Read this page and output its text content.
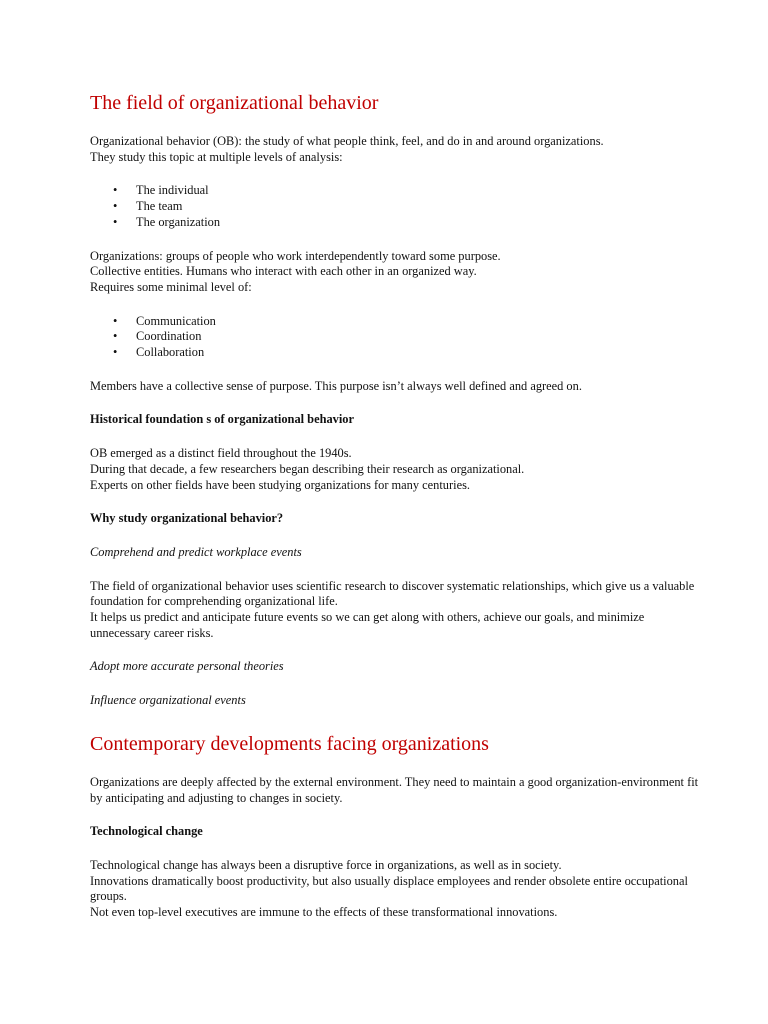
The field of organizational behavior

Organizational behavior (OB): the study of what people think, feel, and do in and around organizations.
They study this topic at multiple levels of analysis:

• The individual
• The team
• The organization

Organizations: groups of people who work interdependently toward some purpose.
Collective entities. Humans who interact with each other in an organized way.
Requires some minimal level of:

• Communication
• Coordination
• Collaboration

Members have a collective sense of purpose. This purpose isn’t always well defined and agreed on.

Historical foundation s of organizational behavior

OB emerged as a distinct field throughout the 1940s.
During that decade, a few researchers began describing their research as organizational.
Experts on other fields have been studying organizations for many centuries.

Why study organizational behavior?

Comprehend and predict workplace events

The field of organizational behavior uses scientific research to discover systematic relationships, which give us a valuable foundation for comprehending organizational life.
It helps us predict and anticipate future events so we can get along with others, achieve our goals, and minimize unnecessary career risks.

Adopt more accurate personal theories

Influence organizational events

Contemporary developments facing organizations

Organizations are deeply affected by the external environment. They need to maintain a good organization-environment fit by anticipating and adjusting to changes in society.

Technological change

Technological change has always been a disruptive force in organizations, as well as in society.
Innovations dramatically boost productivity, but also usually displace employees and render obsolete entire occupational groups.
Not even top-level executives are immune to the effects of these transformational innovations.
